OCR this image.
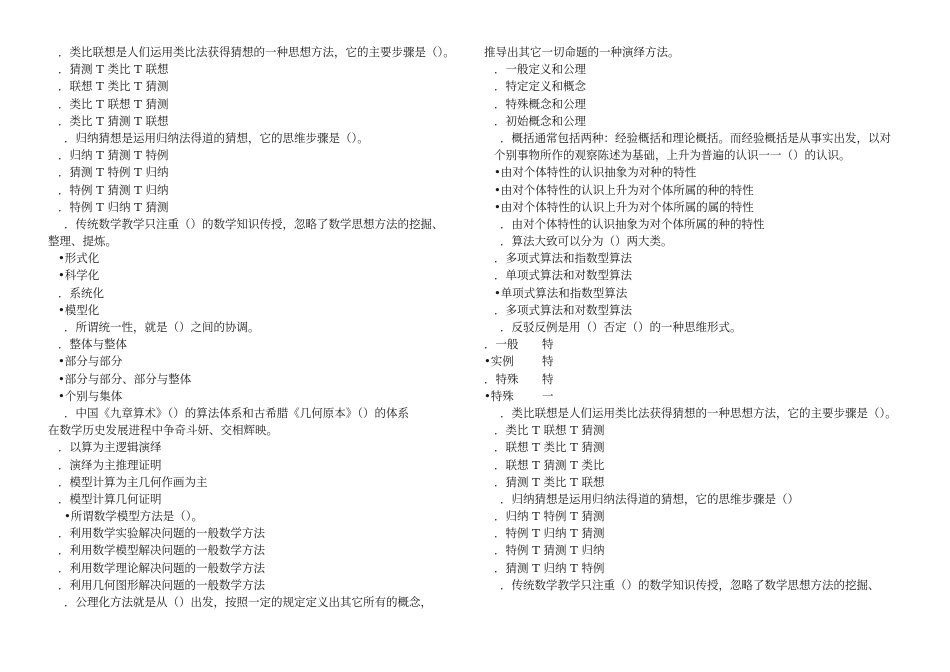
．类比联想是人们运用类比法获得猜想的一种思想方法，它的主要步骤是（）。
．猜测 T 类比 T 联想
．联想 T 类比 T 猜测
．类比 T 联想 T 猜测
．类比 T 猜测 T 联想
．归纳猜想是运用归纳法得道的猜想，它的思维步骤是（）。
．归纳 T 猜测 T 特例
．猜测 T 特例 T 归纳
．特例 T 猜测 T 归纳
．特例 T 归纳 T 猜测
．传统数学教学只注重（）的数学知识传授，忽略了数学思想方法的挖掘、
整理、提炼。
•形式化
•科学化
．系统化
•模型化
．所谓统一性，就是（）之间的协调。
．整体与整体
•部分与部分
•部分与部分、部分与整体
•个别与集体
．中国《九章算术》（）的算法体系和古希腊《几何原本》（）的体系
在数学历史发展进程中争奇斗妍、交相辉映。
．以算为主逻辑演绎
．演绎为主推理证明
．模型计算为主几何作画为主
．模型计算几何证明
•所谓数学模型方法是（）。
．利用数学实验解决问题的一般数学方法
．利用数学模型解决问题的一般数学方法
．利用数学理论解决问题的一般数学方法
．利用几何图形解决问题的一般数学方法
．公理化方法就是从（）出发，按照一定的规定定义出其它所有的概念，
推导出其它一切命题的一种演绎方法。
．一般定义和公理
．特定定义和概念
．特殊概念和公理
．初始概念和公理
．概括通常包括两种：经验概括和理论概括。而经验概括是从事实出发，以对
个别事物所作的观察陈述为基础，上升为普遍的认识一一（）的认识。
•由对个体特性的认识抽象为对种的特性
•由对个体特性的认识上升为对个体所属的种的特性
•由对个体特性的认识上升为对个体所属的属的特性
．由对个体特性的认识抽象为对个体所属的种的特性
．算法大致可以分为（）两大类。
．多项式算法和指数型算法
．单项式算法和对数型算法
•单项式算法和指数型算法
．多项式算法和对数型算法
．反驳反例是用（）否定（）的一种思维形式。
．一般 特
•实例 特
．特殊 特
•特殊 一
．类比联想是人们运用类比法获得猜想的一种思想方法，它的主要步骤是（）。
．类比 T 联想 T 猜测
．联想 T 类比 T 猜测
．联想 T 猜测 T 类比
．猜测 T 类比 T 联想
．归纳猜想是运用归纳法得道的猜想，它的思维步骤是（）
．归纳 T 特例 T 猜测
．特例 T 归纳 T 猜测
．特例 T 猜测 T 归纳
．猜测 T 归纳 T 特例
．传统数学教学只注重（）的数学知识传授，忽略了数学思想方法的挖掘、
